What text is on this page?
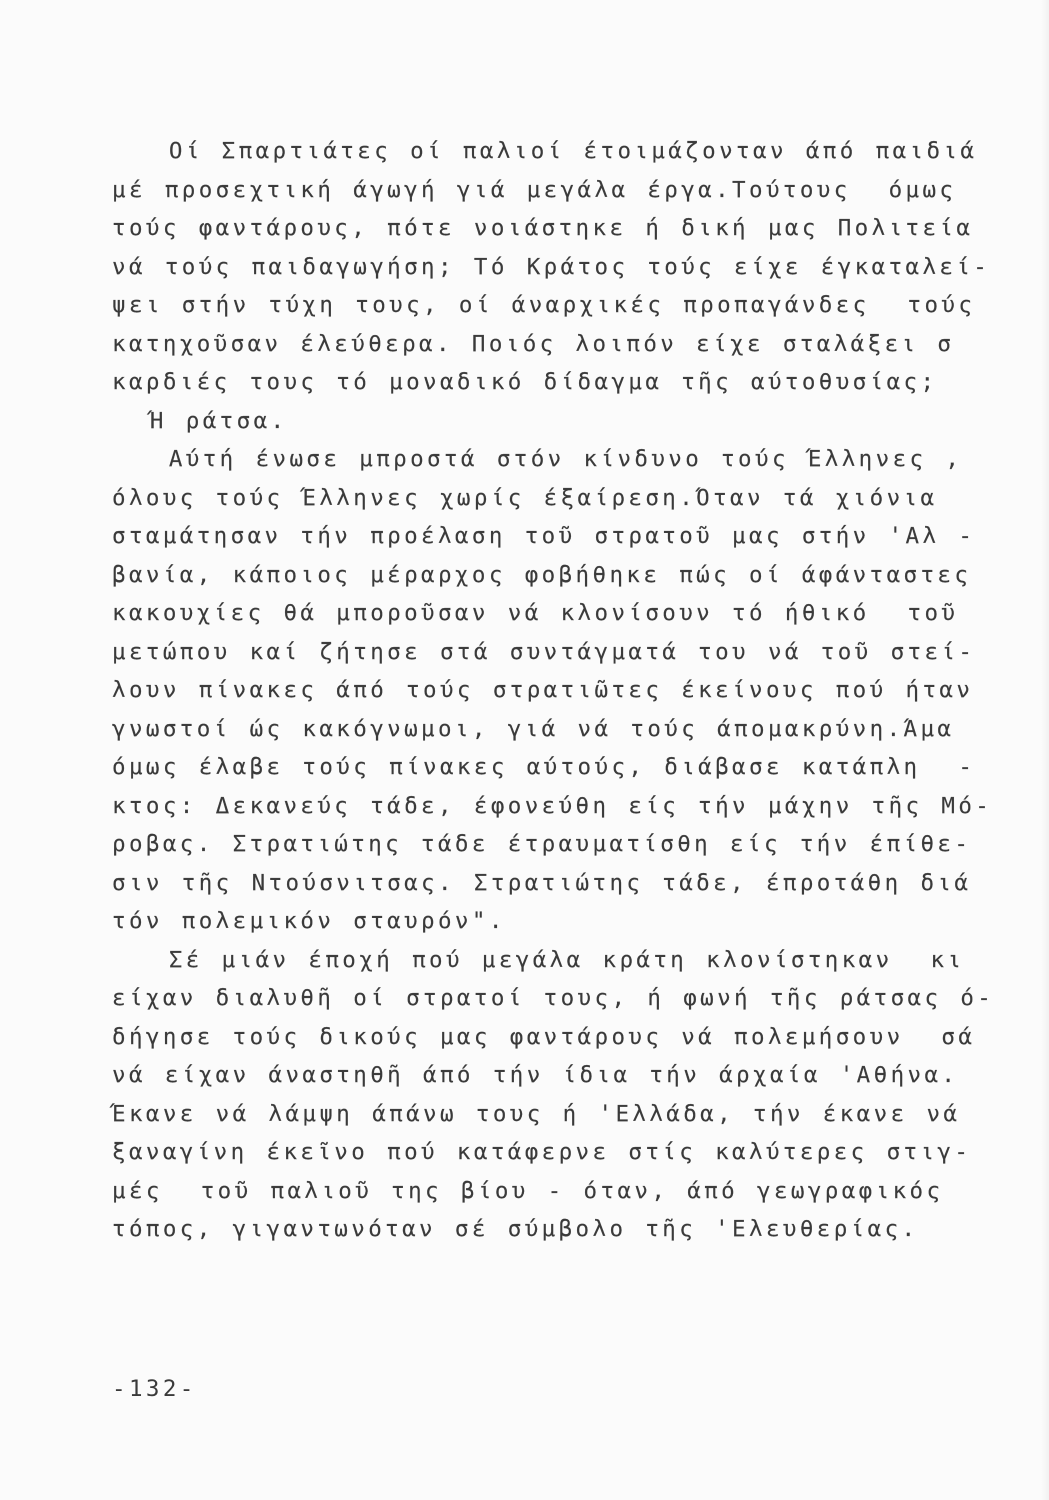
Οί Σπαρτιάτες οί παλιοί έτοιμάζονταν άπό παιδιά
μέ προσεχτική άγωγή γιά μεγάλα έργα.Τούτους  όμως
τούς φαντάρους, πότε νοιάστηκε ή δική μας Πολιτεία
νά τούς παιδαγωγήση; Τό Κράτος τούς είχε έγκαταλεί-
ψει στήν τύχη τους, οί άναρχικές προπαγάνδες  τούς
κατηχοῦσαν έλεύθερα. Ποιός λοιπόν είχε σταλάξει σ
καρδιές τους τό μοναδικό δίδαγμα τῆς αύτοθυσίας;
Ή ράτσα.
Αύτή ένωσε μπροστά στόν κίνδυνο τούς Έλληνες ,
όλους τούς Έλληνες χωρίς έξαίρεση.Όταν τά χιόνια
σταμάτησαν τήν προέλαση τοῦ στρατοῦ μας στήν 'Αλ -
βανία, κάποιος μέραρχος φοβήθηκε πώς οί άφάνταστες
κακουχίες θά μποροῦσαν νά κλονίσουν τό ήθικό  τοῦ
μετώπου καί ζήτησε στά συντάγματά του νά τοῦ στεί-
λουν πίνακες άπό τούς στρατιῶτες έκείνους πού ήταν
γνωστοί ώς κακόγνωμοι, γιά νά τούς άπομακρύνη.Άμα
όμως έλαβε τούς πίνακες αύτούς, διάβασε κατάπλη  -
κτος: Δεκανεύς τάδε, έφονεύθη είς τήν μάχην τῆς Μό-
ροβας. Στρατιώτης τάδε έτραυματίσθη είς τήν έπίθε-
σιν τῆς Ντούσνιτσας. Στρατιώτης τάδε, έπροτάθη διά
τόν πολεμικόν σταυρόν".
Σέ μιάν έποχή πού μεγάλα κράτη κλονίστηκαν  κι
είχαν διαλυθῆ οί στρατοί τους, ή φωνή τῆς ράτσας ό-
δήγησε τούς δικούς μας φαντάρους νά πολεμήσουν  σά
νά είχαν άναστηθῆ άπό τήν ίδια τήν άρχαία 'Αθήνα.
Έκανε νά λάμψη άπάνω τους ή 'Ελλάδα, τήν έκανε νά
ξαναγίνη έκεῖνο πού κατάφερνε στίς καλύτερες στιγ-
μές  τοῦ παλιοῦ της βίου - όταν, άπό γεωγραφικός
τόπος, γιγαντωνόταν σέ σύμβολο τῆς 'Ελευθερίας.
-132-
